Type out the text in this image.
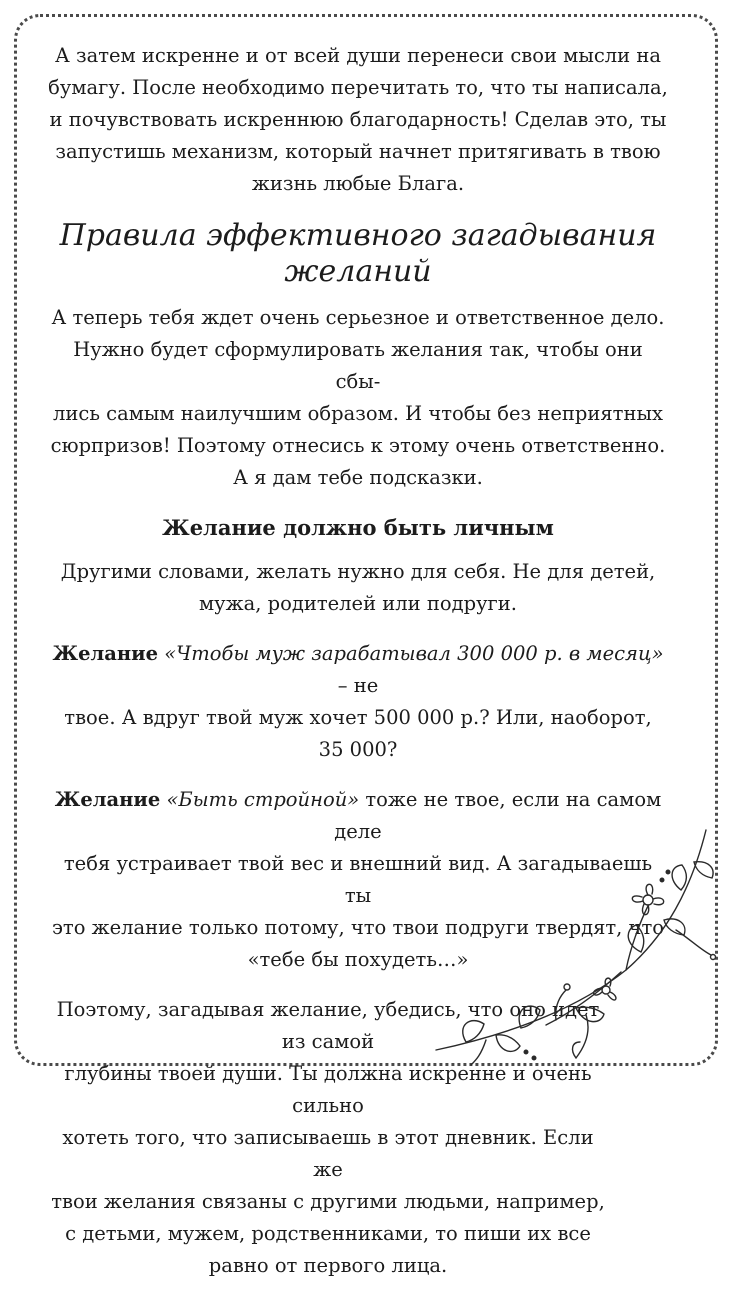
А затем искренне и от всей души перенеси свои мысли на

бумагу. После необходимо перечитать то, что ты написала,

и почувствовать искреннюю благодарность! Сделав это, ты

запустишь механизм, который начнет притягивать в твою

жизнь любые Блага.

Правила эффективного загадывания
желаний

А теперь тебя ждет очень серьезное и ответственное дело.

Нужно будет сформулировать желания так, чтобы они сбы-

лись самым наилучшим образом. И чтобы без неприятных

сюрпризов! Поэтому отнесись к этому очень ответственно.

А я дам тебе подсказки.

Желание должно быть личным

Другими словами, желать нужно для себя. Не для детей,

мужа, родителей или подруги.

Желание «Чтобы муж зарабатывал 300 000 р. в месяц» – не

твое. А вдруг твой муж хочет 500 000 р.? Или, наоборот,

35 000?

Желание «Быть стройной» тоже не твое, если на самом деле

тебя устраивает твой вес и внешний вид. А загадываешь ты

это желание только потому, что твои подруги твердят, что

«тебе бы похудеть…»

Поэтому, загадывая желание, убедись, что оно идет из самой

глубины твоей души. Ты должна искренне и очень сильно

хотеть того, что записываешь в этот дневник. Если же

твои желания связаны с другими людьми, например,

с детьми, мужем, родственниками, то пиши их все

равно от первого лица.
